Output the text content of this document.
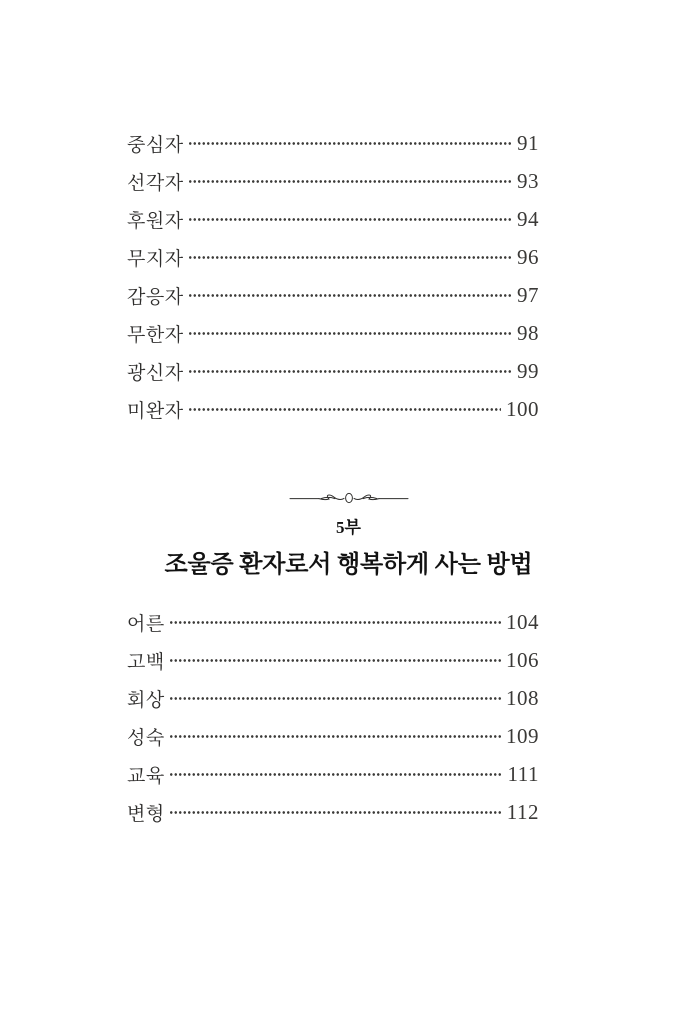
중심자	91
선각자	93
후원자	94
무지자	96
감응자	97
무한자	98
광신자	99
미완자	100
5부
조울증 환자로서 행복하게 사는 방법
어른	104
고백	106
회상	108
성숙	109
교육	111
변형	112
